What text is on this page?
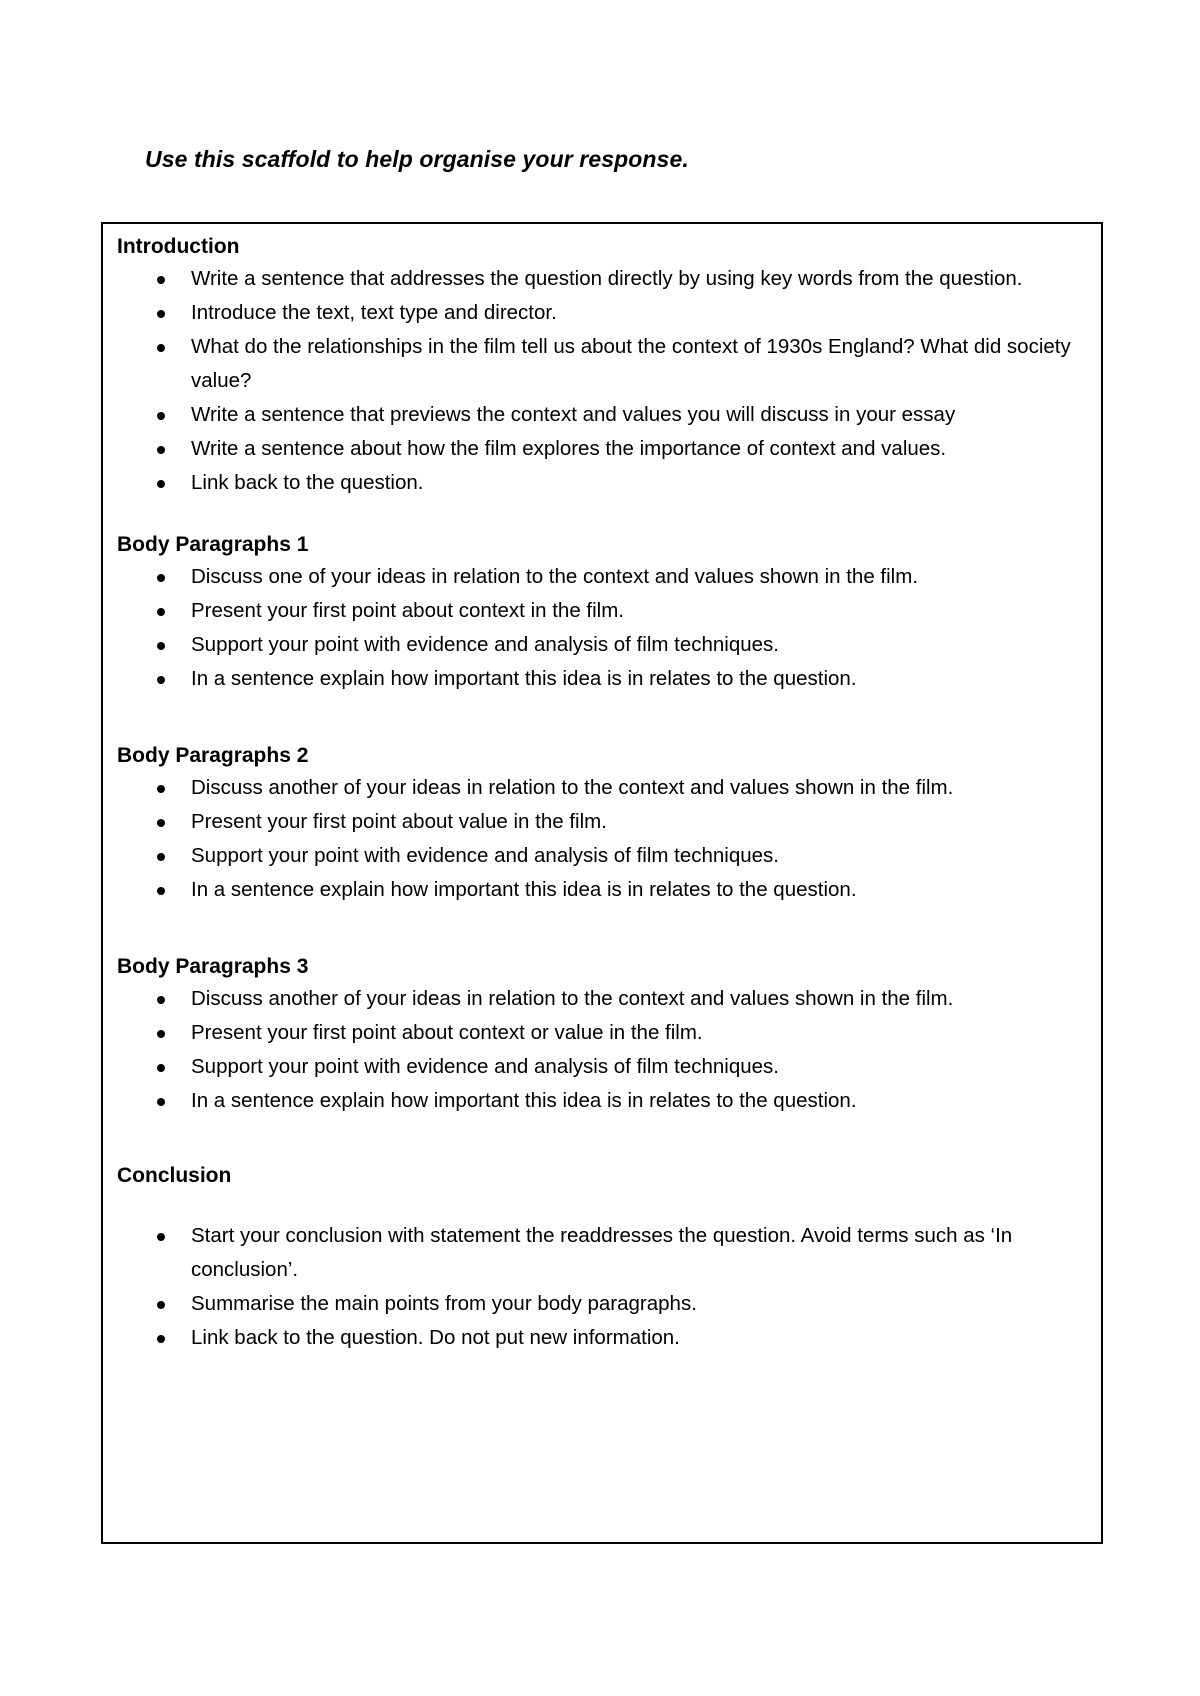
Use this scaffold to help organise your response.
Introduction
Write a sentence that addresses the question directly by using key words from the question.
Introduce the text, text type and director.
What do the relationships in the film tell us about the context of 1930s England? What did society value?
Write a sentence that previews the context and values you will discuss in your essay
Write a sentence about how the film explores the importance of context and values.
Link back to the question.
Body Paragraphs 1
Discuss one of your ideas in relation to the context and values shown in the film.
Present your first point about context in the film.
Support your point with evidence and analysis of film techniques.
In a sentence explain how important this idea is in relates to the question.
Body Paragraphs 2
Discuss another of your ideas in relation to the context and values shown in the film.
Present your first point about value in the film.
Support your point with evidence and analysis of film techniques.
In a sentence explain how important this idea is in relates to the question.
Body Paragraphs 3
Discuss another of your ideas in relation to the context and values shown in the film.
Present your first point about context or value in the film.
Support your point with evidence and analysis of film techniques.
In a sentence explain how important this idea is in relates to the question.
Conclusion
Start your conclusion with statement the readdresses the question. Avoid terms such as ‘In conclusion’.
Summarise the main points from your body paragraphs.
Link back to the question. Do not put new information.
